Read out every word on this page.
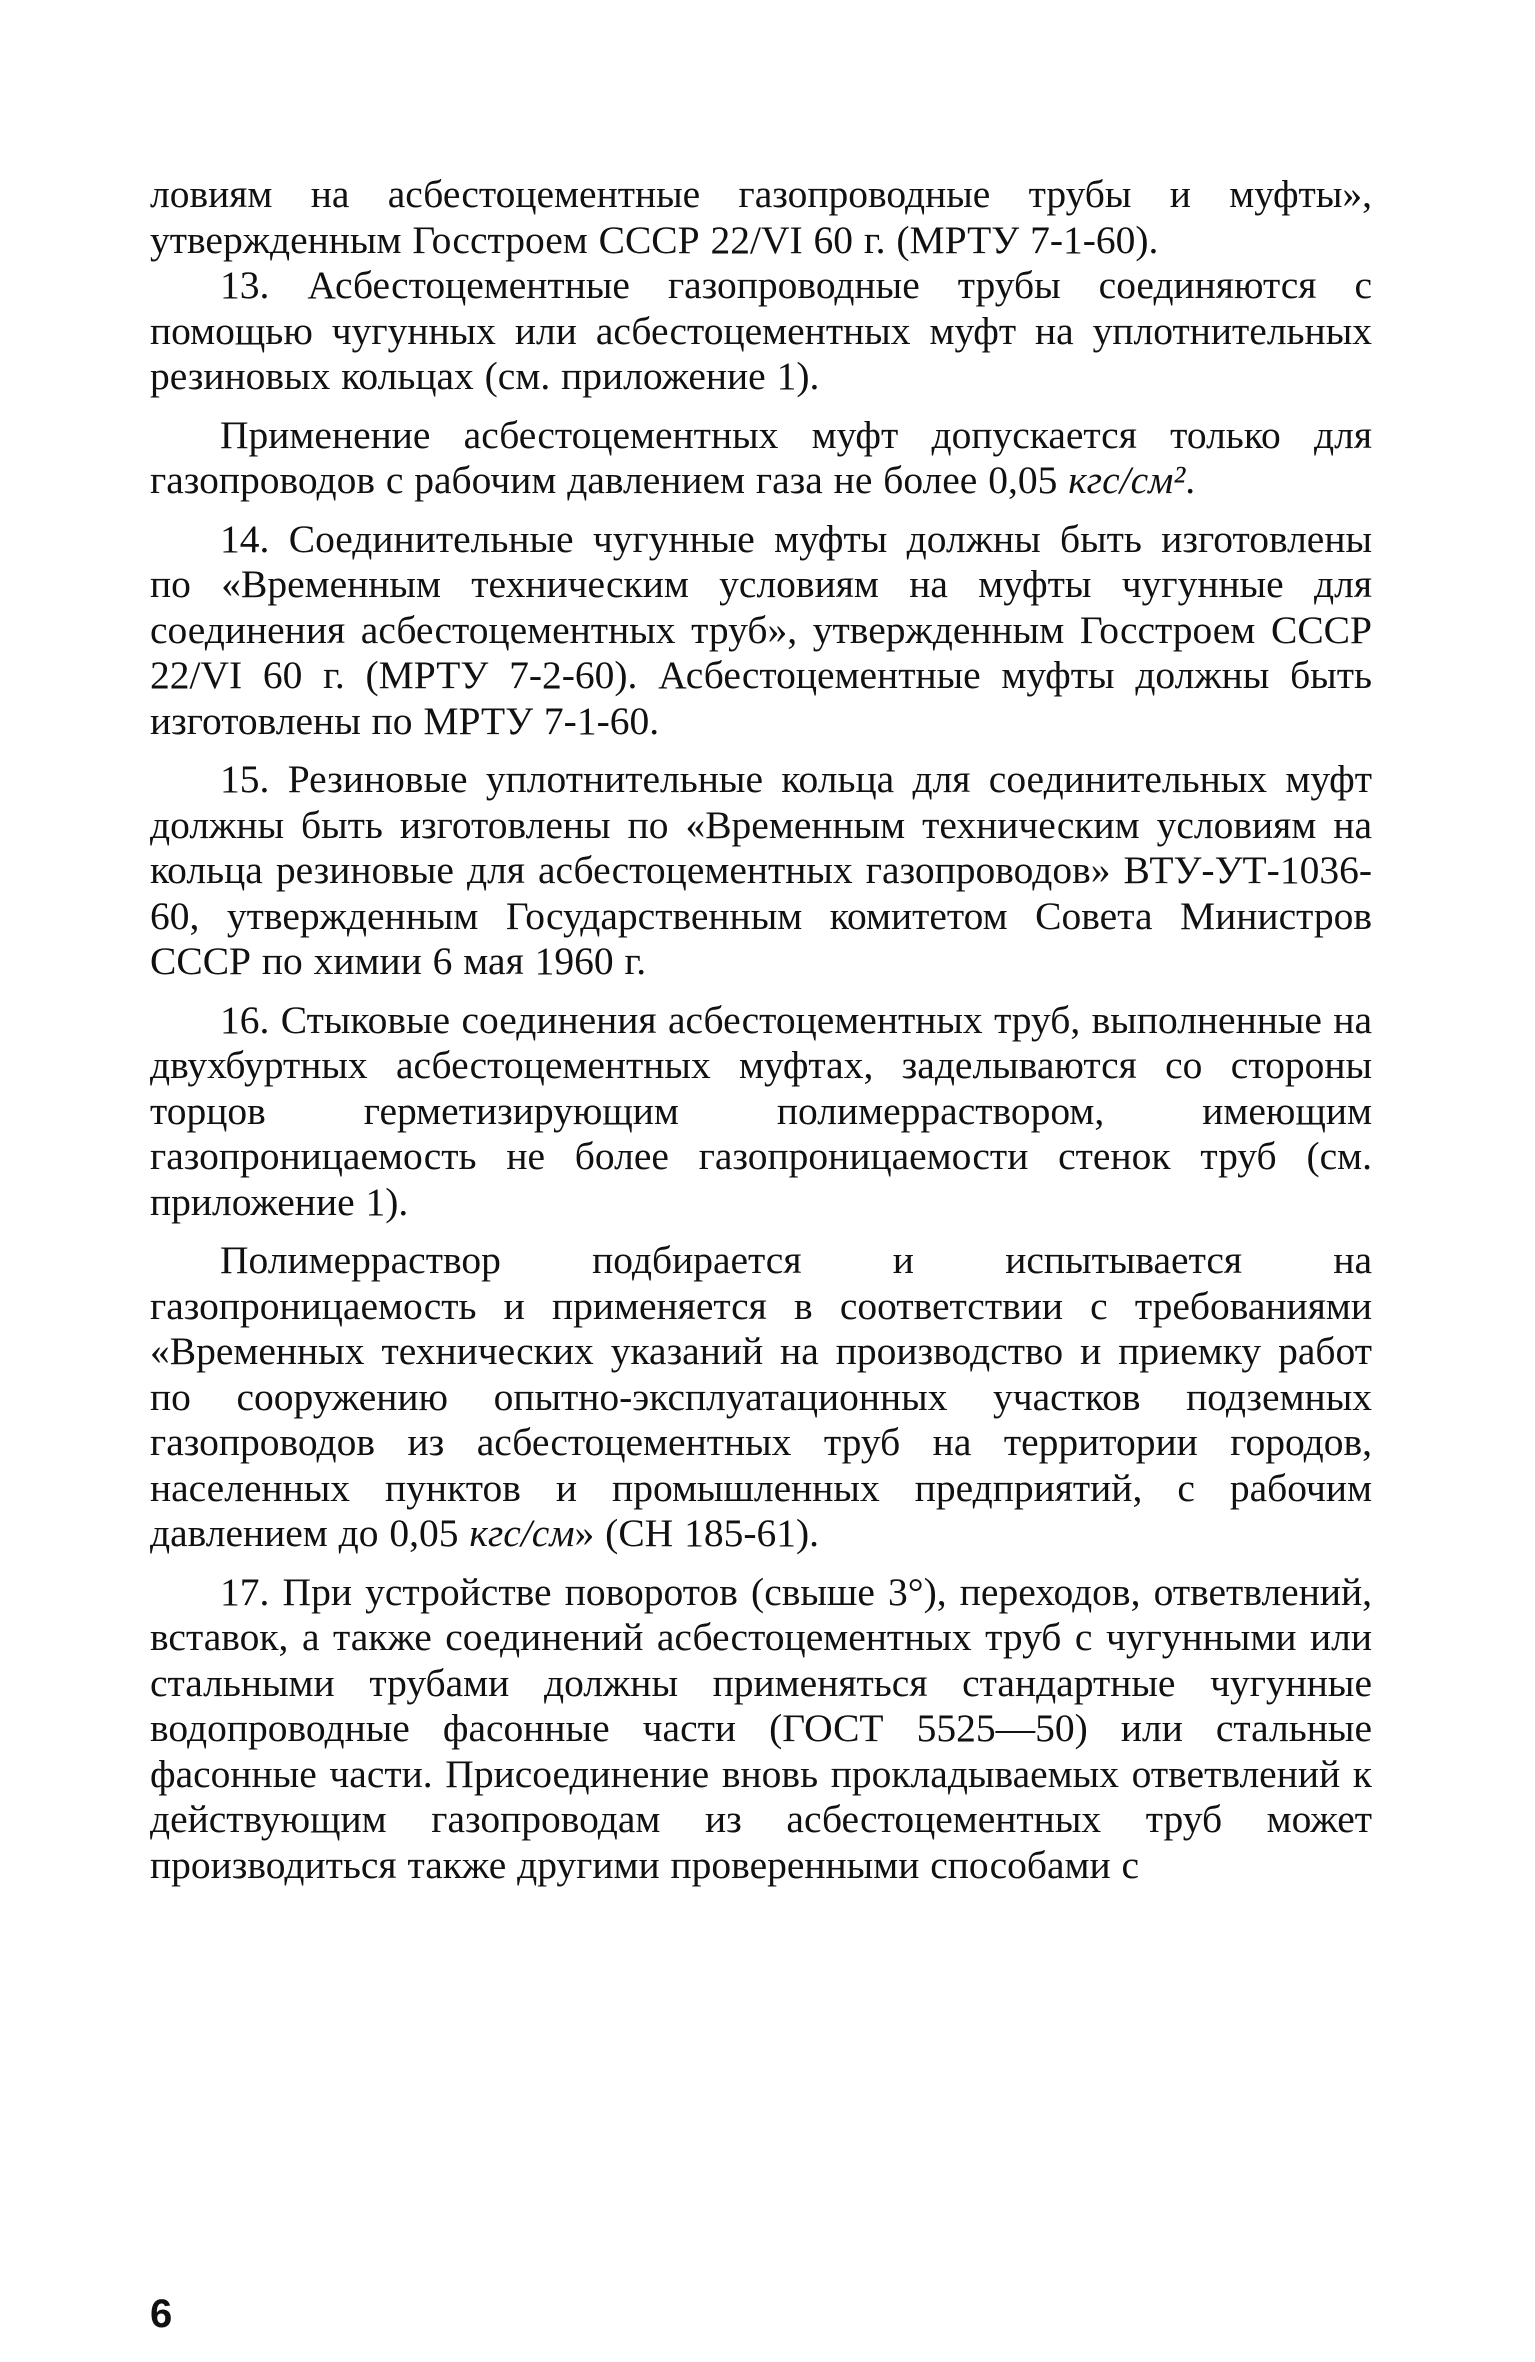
ловиям на асбестоцементные газопроводные трубы и муфты», утвержденным Госстроем СССР 22/VI 60 г. (МРТУ 7-1-60).

13. Асбестоцементные газопроводные трубы соединяются с помощью чугунных или асбестоцементных муфт на уплотнительных резиновых кольцах (см. приложение 1).

Применение асбестоцементных муфт допускается только для газопроводов с рабочим давлением газа не более 0,05 кгс/см².

14. Соединительные чугунные муфты должны быть изготовлены по «Временным техническим условиям на муфты чугунные для соединения асбестоцементных труб», утвержденным Госстроем СССР 22/VI 60 г. (МРТУ 7-2-60). Асбестоцементные муфты должны быть изготовлены по МРТУ 7-1-60.

15. Резиновые уплотнительные кольца для соединительных муфт должны быть изготовлены по «Временным техническим условиям на кольца резиновые для асбестоцементных газопроводов» ВТУ-УТ-1036-60, утвержденным Государственным комитетом Совета Министров СССР по химии 6 мая 1960 г.

16. Стыковые соединения асбестоцементных труб, выполненные на двухбуртных асбестоцементных муфтах, заделываются со стороны торцов герметизирующим полимерраствором, имеющим газопроницаемость не более газопроницаемости стенок труб (см. приложение 1).

Полимерраствор подбирается и испытывается на газопроницаемость и применяется в соответствии с требованиями «Временных технических указаний на производство и приемку работ по сооружению опытно-эксплуатационных участков подземных газопроводов из асбестоцементных труб на территории городов, населенных пунктов и промышленных предприятий, с рабочим давлением до 0,05 кгс/см» (СН 185-61).

17. При устройстве поворотов (свыше 3°), переходов, ответвлений, вставок, а также соединений асбестоцементных труб с чугунными или стальными трубами должны применяться стандартные чугунные водопроводные фасонные части (ГОСТ 5525—50) или стальные фасонные части. Присоединение вновь прокладываемых ответвлений к действующим газопроводам из асбестоцементных труб может производиться также другими проверенными способами с

6
